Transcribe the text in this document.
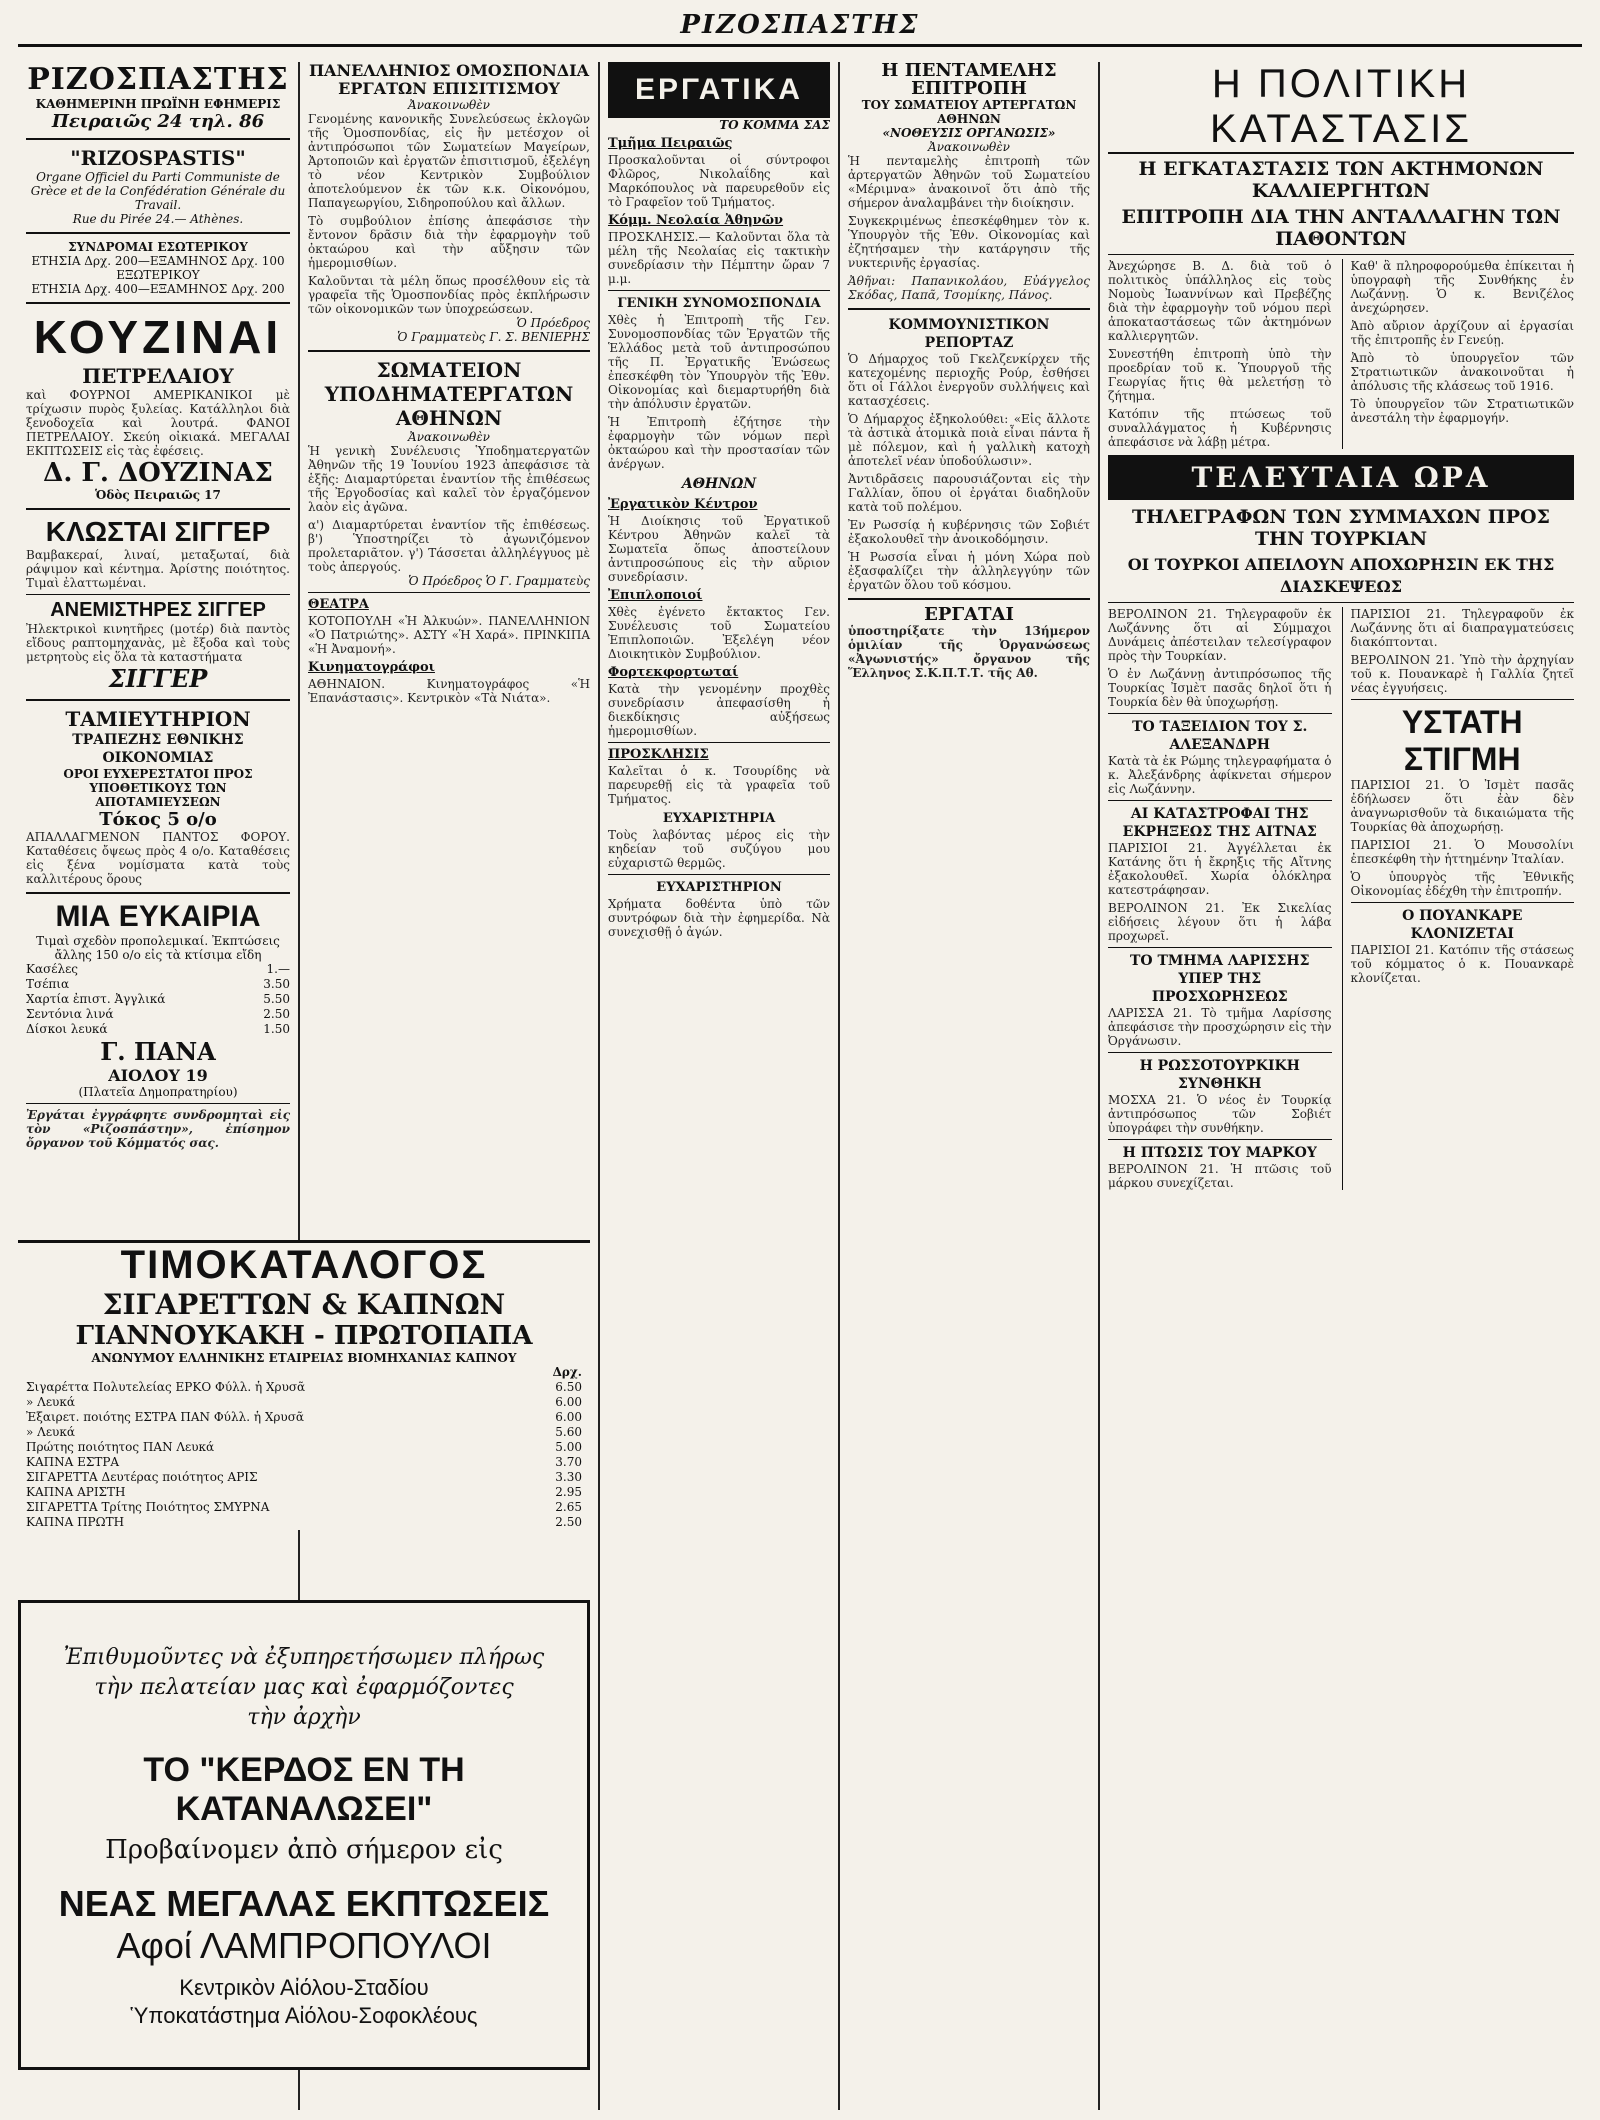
ΡΙΖΟΣΠΑΣΤΗΣ
ΡΙΖΟΣΠΑΣΤΗΣ
ΚΑΘΗΜΕΡΙΝΗ ΠΡΩΪΝΗ ΕΦΗΜΕΡΙΣ
Πειραιῶς 24 τηλ. 86
"RIZOSPASTIS"
Organe Officiel du Parti Communiste de Grèce et de la Confédération Générale du Travail.
Rue du Pirée 24.— Athènes.
ΣΥΝΔΡΟΜΑΙ ΕΣΩΤΕΡΙΚΟΥ
ΕΤΗΣΙΑ Δρχ. 200—ΕΞΑΜΗΝΟΣ Δρχ. 100
ΕΞΩΤΕΡΙΚΟΥ
ΕΤΗΣΙΑ Δρχ. 400—ΕΞΑΜΗΝΟΣ Δρχ. 200
ΚΟΥΖΙΝΑΙ
ΠΕΤΡΕΛΑΙΟΥ
καὶ ΦΟΥΡΝΟΙ ΑΜΕΡΙΚΑΝΙΚΟΙ μὲ τρίχωσιν πυρὸς ξυλείας. Κατάλληλοι διὰ ξενοδοχεῖα καὶ λουτρά. ΦΑΝΟΙ ΠΕΤΡΕΛΑΙΟΥ. Σκεύη οἰκιακά. ΜΕΓΑΛΑΙ ΕΚΠΤΩΣΕΙΣ εἰς τὰς ἐφέσεις.
Δ. Γ. ΔΟΥΖΙΝΑΣ
Ὁδὸς Πειραιῶς 17
ΚΛΩΣΤΑΙ ΣΙΓΓΕΡ
Βαμβακεραί, λιναί, μεταξωταί, διὰ ράψιμον καὶ κέντημα. Ἀρίστης ποιότητος. Τιμαὶ ἐλαττωμέναι.
ΑΝΕΜΙΣΤΗΡΕΣ ΣΙΓΓΕΡ
Ἠλεκτρικοὶ κινητῆρες (μοτέρ) διὰ παντὸς εἴδους ραπτομηχανὰς, μὲ ἔξοδα καὶ τοὺς μετρητοὺς εἰς ὅλα τὰ καταστήματα
ΣΙΓΓΕΡ
ΤΑΜΙΕΥΤΗΡΙΟΝ
ΤΡΑΠΕΖΗΣ ΕΘΝΙΚΗΣ ΟΙΚΟΝΟΜΙΑΣ
ΟΡΟΙ ΕΥΧΕΡΕΣΤΑΤΟΙ ΠΡΟΣ ΥΠΟΘΕΤΙΚΟΥΣ ΤΩΝ ΑΠΟΤΑΜΙΕΥΣΕΩΝ
Τόκος 5 ο/ο
ΑΠΑΛΛΑΓΜΕΝΟΝ ΠΑΝΤΟΣ ΦΟΡΟΥ. Καταθέσεις ὄψεως πρὸς 4 ο/ο. Καταθέσεις εἰς ξένα νομίσματα κατὰ τοὺς καλλιτέρους ὅρους
ΜΙΑ ΕΥΚΑΙΡΙΑ
Τιμαὶ σχεδὸν προπολεμικαί. Ἐκπτώσεις ἄλλης 150 ο/ο εἰς τὰ κτίσιμα εἴδη
Κασέλες	1.—
Τσέπια	3.50
Χαρτία ἐπιστ. Ἀγγλικά	5.50
Σεντόνια λινά	2.50
Δίσκοι λευκά	1.50
Γ. ΠΑΝΑ
ΑΙΟΛΟΥ 19
(Πλατεῖα Δημοπρατηρίου)
Ἐργάται ἐγγράφητε συνδρομηταὶ εἰς τὸν «Ριζοσπάστην», ἐπίσημον ὄργανον τοῦ Κόμματός σας.
ΠΑΝΕΛΛΗΝΙΟΣ ΟΜΟΣΠΟΝΔΙΑ ΕΡΓΑΤΩΝ ΕΠΙΣΙΤΙΣΜΟΥ
Ἀνακοινωθὲν
Γενομένης κανονικῆς Συνελεύσεως ἐκλογῶν τῆς Ὁμοσπονδίας, εἰς ἣν μετέσχον οἱ ἀντιπρόσωποι τῶν Σωματείων Μαγείρων, Ἀρτοποιῶν καὶ ἐργατῶν ἐπισιτισμοῦ, ἐξελέγη τὸ νέον Κεντρικὸν Συμβούλιον ἀποτελούμενον ἐκ τῶν κ.κ. Οἰκονόμου, Παπαγεωργίου, Σιδηροπούλου καὶ ἄλλων.
Τὸ συμβούλιον ἐπίσης ἀπεφάσισε τὴν ἔντονον δρᾶσιν διὰ τὴν ἐφαρμογὴν τοῦ ὀκταώρου καὶ τὴν αὔξησιν τῶν ἡμερομισθίων.
Καλοῦνται τὰ μέλη ὅπως προσέλθουν εἰς τὰ γραφεῖα τῆς Ὁμοσπονδίας πρὸς ἐκπλήρωσιν τῶν οἰκονομικῶν των ὑποχρεώσεων.
Ὁ Πρόεδρος
Ὁ Γραμματεὺς Γ. Σ. ΒΕΝΙΕΡΗΣ
ΣΩΜΑΤΕΙΟΝ ΥΠΟΔΗΜΑΤΕΡΓΑΤΩΝ ΑΘΗΝΩΝ
Ἀνακοινωθὲν
Ἡ γενικὴ Συνέλευσις Ὑποδηματεργατῶν Ἀθηνῶν τῆς 19 Ἰουνίου 1923 ἀπεφάσισε τὰ ἑξῆς: Διαμαρτύρεται ἐναντίον τῆς ἐπιθέσεως τῆς Ἐργοδοσίας καὶ καλεῖ τὸν ἐργαζόμενον λαὸν εἰς ἀγῶνα.
α') Διαμαρτύρεται ἐναντίον τῆς ἐπιθέσεως. β') Ὑποστηρίζει τὸ ἀγωνιζόμενον προλεταριᾶτον. γ') Τάσσεται ἀλληλέγγυος μὲ τοὺς ἀπεργούς.
Ὁ Πρόεδρος Ὁ Γ. Γραμματεὺς
ΘΕΑΤΡΑ
ΚΟΤΟΠΟΥΛΗ «Ἡ Ἀλκυών». ΠΑΝΕΛΛΗΝΙΟΝ «Ὁ Πατριώτης». ΑΣΤΥ «Ἡ Χαρά». ΠΡΙΝΚΙΠΑ «Ἡ Ἀναμονή».
Κινηματογράφοι
ΑΘΗΝΑΙΟΝ. Κινηματογράφος «Ἡ Ἐπανάστασις». Κεντρικὸν «Τὰ Νιάτα».
ΕΡΓΑΤΙΚΑ
ΤΟ ΚΟΜΜΑ ΣΑΣ
Τμῆμα Πειραιῶς
Προσκαλοῦνται οἱ σύντροφοι Φλῶρος, Νικολαΐδης καὶ Μαρκόπουλος νὰ παρευρεθοῦν εἰς τὸ Γραφεῖον τοῦ Τμήματος.
Κόμμ. Νεολαία Ἀθηνῶν
ΠΡΟΣΚΛΗΣΙΣ.— Καλοῦνται ὅλα τὰ μέλη τῆς Νεολαίας εἰς τακτικὴν συνεδρίασιν τὴν Πέμπτην ὥραν 7 μ.μ.
ΓΕΝΙΚΗ ΣΥΝΟΜΟΣΠΟΝΔΙΑ
Χθὲς ἡ Ἐπιτροπὴ τῆς Γεν. Συνομοσπονδίας τῶν Ἐργατῶν τῆς Ἑλλάδος μετὰ τοῦ ἀντιπροσώπου τῆς Π. Ἐργατικῆς Ἐνώσεως ἐπεσκέφθη τὸν Ὑπουργὸν τῆς Ἐθν. Οἰκονομίας καὶ διεμαρτυρήθη διὰ τὴν ἀπόλυσιν ἐργατῶν.
Ἡ Ἐπιτροπὴ ἐζήτησε τὴν ἐφαρμογὴν τῶν νόμων περὶ ὀκταώρου καὶ τὴν προστασίαν τῶν ἀνέργων.
ΑΘΗΝΩΝ
Ἐργατικὸν Κέντρον
Ἡ Διοίκησις τοῦ Ἐργατικοῦ Κέντρου Ἀθηνῶν καλεῖ τὰ Σωματεῖα ὅπως ἀποστείλουν ἀντιπροσώπους εἰς τὴν αὔριον συνεδρίασιν.
Ἐπιπλοποιοί
Χθὲς ἐγένετο ἔκτακτος Γεν. Συνέλευσις τοῦ Σωματείου Ἐπιπλοποιῶν. Ἐξελέγη νέον Διοικητικὸν Συμβούλιον.
Φορτεκφορτωταί
Κατὰ τὴν γενομένην προχθὲς συνεδρίασιν ἀπεφασίσθη ἡ διεκδίκησις αὐξήσεως ἡμερομισθίων.
ΠΡΟΣΚΛΗΣΙΣ
Καλεῖται ὁ κ. Τσουρίδης νὰ παρευρεθῇ εἰς τὰ γραφεῖα τοῦ Τμήματος.
ΕΥΧΑΡΙΣΤΗΡΙΑ
Τοὺς λαβόντας μέρος εἰς τὴν κηδείαν τοῦ συζύγου μου εὐχαριστῶ θερμῶς.
ΕΥΧΑΡΙΣΤΗΡΙΟΝ
Χρήματα δοθέντα ὑπὸ τῶν συντρόφων διὰ τὴν ἐφημερίδα. Νὰ συνεχισθῇ ὁ ἀγών.
Η ΠΕΝΤΑΜΕΛΗΣ ΕΠΙΤΡΟΠΗ
ΤΟΥ ΣΩΜΑΤΕΙΟΥ ΑΡΤΕΡΓΑΤΩΝ ΑΘΗΝΩΝ
«ΝΟΘΕΥΣΙΣ ΟΡΓΑΝΩΣΙΣ»
Ἀνακοινωθὲν
Ἡ πενταμελὴς ἐπιτροπὴ τῶν ἀρτεργατῶν Ἀθηνῶν τοῦ Σωματείου «Μέριμνα» ἀνακοινοῖ ὅτι ἀπὸ τῆς σήμερον ἀναλαμβάνει τὴν διοίκησιν.
Συγκεκριμένως ἐπεσκέφθημεν τὸν κ. Ὑπουργὸν τῆς Ἐθν. Οἰκονομίας καὶ ἐζητήσαμεν τὴν κατάργησιν τῆς νυκτερινῆς ἐργασίας.
Ἀθῆναι: Παπανικολάου, Εὐάγγελος Σκόδας, Παπᾶ, Τσομίκης, Πάνος.
ΚΟΜΜΟΥΝΙΣΤΙΚΟΝ ΡΕΠΟΡΤΑΖ
Ὁ Δήμαρχος τοῦ Γκελζενκίρχεν τῆς κατεχομένης περιοχῆς Ρούρ, ἐσθήσει ὅτι οἱ Γάλλοι ἐνεργοῦν συλλήψεις καὶ κατασχέσεις.
Ὁ Δήμαρχος ἐξηκολούθει: «Εἰς ἄλλοτε τὰ ἀστικὰ ἀτομικὰ ποιὰ εἶναι πάντα ἤ μὲ πόλεμον, καὶ ἡ γαλλικὴ κατοχὴ ἀποτελεῖ νέαν ὑποδούλωσιν».
Ἀντιδρᾶσεις παρουσιάζονται εἰς τὴν Γαλλίαν, ὅπου οἱ ἐργάται διαδηλοῦν κατὰ τοῦ πολέμου.
Ἐν Ρωσσίᾳ ἡ κυβέρνησις τῶν Σοβιέτ ἐξακολουθεῖ τὴν ἀνοικοδόμησιν.
Ἡ Ρωσσία εἶναι ἡ μόνη Χώρα ποὺ ἐξασφαλίζει τὴν ἀλληλεγγύην τῶν ἐργατῶν ὅλου τοῦ κόσμου.
ΕΡΓΑΤΑΙ
ὑποστηρίξατε τὴν 13ήμερον ὁμιλίαν τῆς Ὀργανώσεως «Ἀγωνιστής» ὄργανον τῆς Ἕλληνος Σ.Κ.Π.Τ.Τ. τῆς Αθ.
Η ΠΟΛΙΤΙΚΗ ΚΑΤΑΣΤΑΣΙΣ
Η ΕΓΚΑΤΑΣΤΑΣΙΣ ΤΩΝ ΑΚΤΗΜΟΝΩΝ ΚΑΛΛΙΕΡΓΗΤΩΝ
ΕΠΙΤΡΟΠΗ ΔΙΑ ΤΗΝ ΑΝΤΑΛΛΑΓΗΝ ΤΩΝ ΠΑΘΟΝΤΩΝ
Ἀνεχώρησε Β. Δ. διὰ τοῦ ὁ πολιτικὸς ὑπάλληλος εἰς τοὺς Νομοὺς Ἰωαννίνων καὶ Πρεβέζης διὰ τὴν ἐφαρμογὴν τοῦ νόμου περὶ ἀποκαταστάσεως τῶν ἀκτημόνων καλλιεργητῶν.
Συνεστήθη ἐπιτροπὴ ὑπὸ τὴν προεδρίαν τοῦ κ. Ὑπουργοῦ τῆς Γεωργίας ἥτις θὰ μελετήσῃ τὸ ζήτημα.
Κατόπιν τῆς πτώσεως τοῦ συναλλάγματος ἡ Κυβέρνησις ἀπεφάσισε νὰ λάβῃ μέτρα.
Καθ' ἃ πληροφορούμεθα ἐπίκειται ἡ ὑπογραφὴ τῆς Συνθήκης ἐν Λωζάννῃ. Ὁ κ. Βενιζέλος ἀνεχώρησεν.
Ἀπὸ αὔριον ἀρχίζουν αἱ ἐργασίαι τῆς ἐπιτροπῆς ἐν Γενεύῃ.
Ἀπὸ τὸ ὑπουργεῖον τῶν Στρατιωτικῶν ἀνακοινοῦται ἡ ἀπόλυσις τῆς κλάσεως τοῦ 1916.
Τὸ ὑπουργεῖον τῶν Στρατιωτικῶν ἀνεστάλη τὴν ἐφαρμογήν.
ΤΕΛΕΥΤΑΙΑ ΩΡΑ
ΤΗΛΕΓΡΑΦΩΝ ΤΩΝ ΣΥΜΜΑΧΩΝ ΠΡΟΣ ΤΗΝ ΤΟΥΡΚΙΑΝ
ΟΙ ΤΟΥΡΚΟΙ ΑΠΕΙΛΟΥΝ ΑΠΟΧΩΡΗΣΙΝ ΕΚ ΤΗΣ ΔΙΑΣΚΕΨΕΩΣ
ΒΕΡΟΛΙΝΟΝ 21. Τηλεγραφοῦν ἐκ Λωζάννης ὅτι αἱ Σύμμαχοι Δυνάμεις ἀπέστειλαν τελεσίγραφον πρὸς τὴν Τουρκίαν.
Ὁ ἐν Λωζάννῃ ἀντιπρόσωπος τῆς Τουρκίας Ἰσμὲτ πασᾶς δηλοῖ ὅτι ἡ Τουρκία δὲν θὰ ὑποχωρήσῃ.
ΤΟ ΤΑΞΕΙΔΙΟΝ ΤΟΥ Σ. ΑΛΕΞΑΝΔΡΗ
Κατὰ τὰ ἐκ Ρώμης τηλεγραφήματα ὁ κ. Ἀλεξάνδρης ἀφίκνεται σήμερον εἰς Λωζάννην.
ΑΙ ΚΑΤΑΣΤΡΟΦΑΙ ΤΗΣ ΕΚΡΗΞΕΩΣ ΤΗΣ ΑΙΤΝΑΣ
ΠΑΡΙΣΙΟΙ 21. Ἀγγέλλεται ἐκ Κατάνης ὅτι ἡ ἔκρηξις τῆς Αἴτνης ἐξακολουθεῖ. Χωρία ὁλόκληρα κατεστράφησαν.
ΒΕΡΟΛΙΝΟΝ 21. Ἐκ Σικελίας εἰδήσεις λέγουν ὅτι ἡ λάβα προχωρεῖ.
ΤΟ ΤΜΗΜΑ ΛΑΡΙΣΣΗΣ ΥΠΕΡ ΤΗΣ ΠΡΟΣΧΩΡΗΣΕΩΣ
ΛΑΡΙΣΣΑ 21. Τὸ τμῆμα Λαρίσσης ἀπεφάσισε τὴν προσχώρησιν εἰς τὴν Ὀργάνωσιν.
Η ΡΩΣΣΟΤΟΥΡΚΙΚΗ ΣΥΝΘΗΚΗ
ΜΟΣΧΑ 21. Ὁ νέος ἐν Τουρκίᾳ ἀντιπρόσωπος τῶν Σοβιέτ ὑπογράφει τὴν συνθήκην.
Η ΠΤΩΣΙΣ ΤΟΥ ΜΑΡΚΟΥ
ΒΕΡΟΛΙΝΟΝ 21. Ἡ πτῶσις τοῦ μάρκου συνεχίζεται.
ΠΑΡΙΣΙΟΙ 21. Τηλεγραφοῦν ἐκ Λωζάννης ὅτι αἱ διαπραγματεύσεις διακόπτονται.
ΒΕΡΟΛΙΝΟΝ 21. Ὑπὸ τὴν ἀρχηγίαν τοῦ κ. Πουανκαρὲ ἡ Γαλλία ζητεῖ νέας ἐγγυήσεις.
ΥΣΤΑΤΗ ΣΤΙΓΜΗ
ΠΑΡΙΣΙΟΙ 21. Ὁ Ἰσμὲτ πασᾶς ἐδήλωσεν ὅτι ἐὰν δὲν ἀναγνωρισθοῦν τὰ δικαιώματα τῆς Τουρκίας θὰ ἀποχωρήσῃ.
ΠΑΡΙΣΙΟΙ 21. Ὁ Μουσολίνι ἐπεσκέφθη τὴν ἡττημένην Ἰταλίαν.
Ὁ ὑπουργὸς τῆς Ἐθνικῆς Οἰκονομίας ἐδέχθη τὴν ἐπιτροπήν.
Ο ΠΟΥΑΝΚΑΡΕ ΚΛΟΝΙΖΕΤΑΙ
ΠΑΡΙΣΙΟΙ 21. Κατόπιν τῆς στάσεως τοῦ κόμματος ὁ κ. Πουανκαρὲ κλονίζεται.
ΤΙΜΟΚΑΤΑΛΟΓΟΣ
ΣΙΓΑΡΕΤΤΩΝ & ΚΑΠΝΩΝ
ΓΙΑΝΝΟΥΚΑΚΗ - ΠΡΩΤΟΠΑΠΑ
ΑΝΩΝΥΜΟΥ ΕΛΛΗΝΙΚΗΣ ΕΤΑΙΡΕΙΑΣ ΒΙΟΜΗΧΑΝΙΑΣ ΚΑΠΝΟΥ
Δρχ.
Σιγαρέττα Πολυτελείας ΕΡΚΟ Φύλλ. ἡ Χρυσᾶ	6.50
» Λευκά	6.00
Ἐξαιρετ. ποιότης ΕΣΤΡΑ ΠΑΝ Φύλλ. ἡ Χρυσᾶ	6.00
» Λευκά	5.60
Πρώτης ποιότητος ΠΑΝ Λευκά	5.00
ΚΑΠΝΑ ΕΣΤΡΑ	3.70
ΣΙΓΑΡΕΤΤΑ Δευτέρας ποιότητος ΑΡΙΣ	3.30
ΚΑΠΝΑ ΑΡΙΣΤΗ	2.95
ΣΙΓΑΡΕΤΤΑ Τρίτης Ποιότητος ΣΜΥΡΝΑ	2.65
ΚΑΠΝΑ ΠΡΩΤΗ	2.50
Ἐπιθυμοῦντες νὰ ἐξυπηρετήσωμεν πλήρως
τὴν πελατείαν μας καὶ ἐφαρμόζοντες
τὴν ἀρχὴν
ΤΟ "ΚΕΡΔΟΣ ΕΝ ΤΗ ΚΑΤΑΝΑΛΩΣΕΙ"
Προβαίνομεν ἀπὸ σήμερον εἰς
ΝΕΑΣ ΜΕΓΑΛΑΣ ΕΚΠΤΩΣΕΙΣ
Αφοί ΛΑΜΠΡΟΠΟΥΛΟΙ
Κεντρικὸν Αἰόλου-Σταδίου
Ὑποκατάστημα Αἰόλου-Σοφοκλέους
